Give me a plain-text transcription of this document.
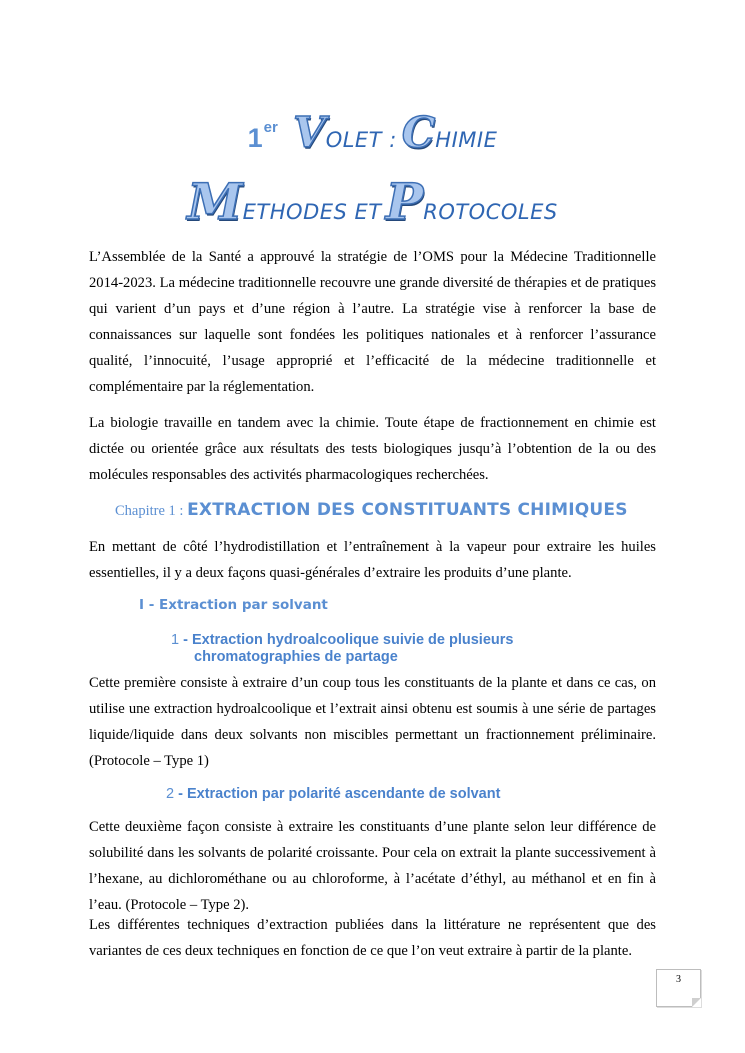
1er VOLET : CHIMIE
METHODES ET PROTOCOLES

L’Assemblée de la Santé a approuvé la stratégie de l’OMS pour la Médecine Traditionnelle 2014-2023. La médecine traditionnelle recouvre une grande diversité de thérapies et de pratiques qui varient d’un pays et d’une région à l’autre. La stratégie vise à renforcer la base de connaissances sur laquelle sont fondées les politiques nationales et à renforcer l’assurance qualité, l’innocuité, l’usage approprié et l’efficacité de la médecine traditionnelle et complémentaire par la réglementation.

La biologie travaille en tandem avec la chimie. Toute étape de fractionnement en chimie est dictée ou orientée grâce aux résultats des tests biologiques jusqu’à l’obtention de la ou des molécules responsables des activités pharmacologiques recherchées.

Chapitre 1 : EXTRACTION DES CONSTITUANTS CHIMIQUES

En mettant de côté l’hydrodistillation et l’entraînement à la vapeur pour extraire les huiles essentielles, il y a deux façons quasi-générales d’extraire les produits d’une plante.

I - Extraction par solvant

1 - Extraction hydroalcoolique suivie de plusieurs
chromatographies de partage

Cette première consiste à extraire d’un coup tous les constituants de la plante et dans ce cas, on utilise une extraction hydroalcoolique et l’extrait ainsi obtenu est soumis à une série de partages liquide/liquide dans deux solvants non miscibles permettant un fractionnement préliminaire. (Protocole – Type 1)

2 - Extraction par polarité ascendante de solvant

Cette deuxième façon consiste à extraire les constituants d’une plante selon leur différence de solubilité dans les solvants de polarité croissante. Pour cela on extrait la plante successivement à l’hexane, au dichlorométhane ou au chloroforme, à l’acétate d’éthyl, au méthanol et en fin à l’eau. (Protocole – Type 2).

Les différentes techniques d’extraction publiées dans la littérature ne représentent que des variantes de ces deux techniques en fonction de ce que l’on veut extraire à partir de la plante.

3
